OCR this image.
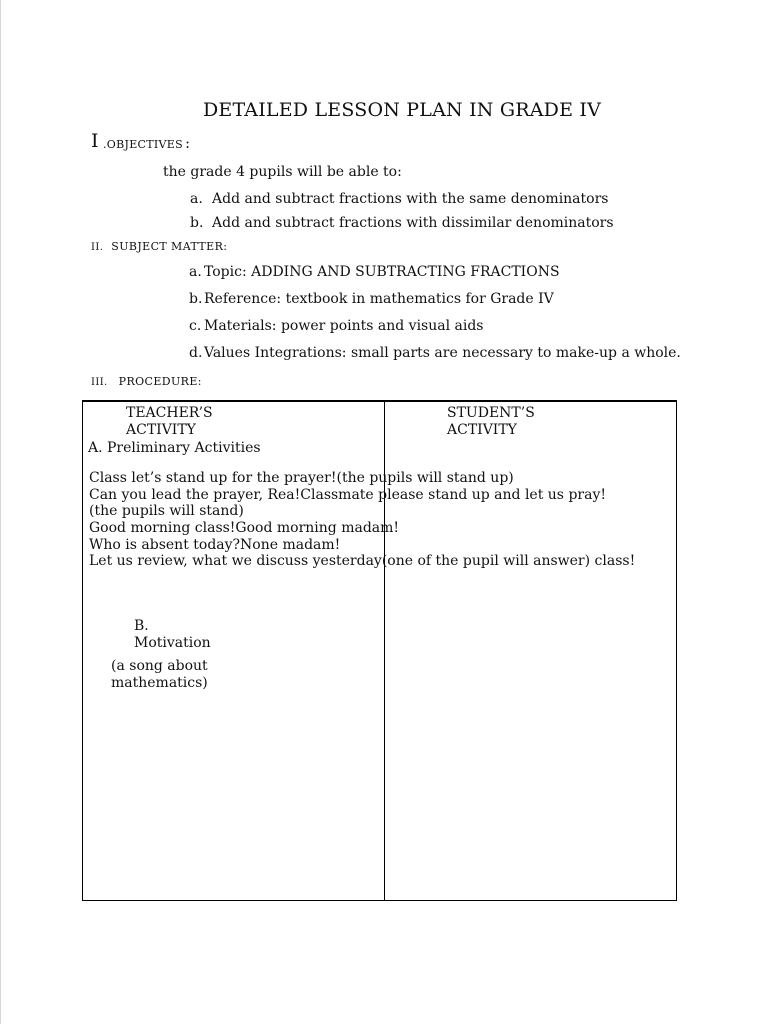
DETAILED LESSON PLAN IN GRADE IV
I .OBJECTIVES :
the grade 4 pupils will be able to:
a. Add and subtract fractions with the same denominators
b. Add and subtract fractions with dissimilar denominators
II. SUBJECT MATTER:
a. Topic: ADDING AND SUBTRACTING FRACTIONS
b. Reference: textbook in mathematics for Grade IV
c. Materials: power points and visual aids
d. Values Integrations: small parts are necessary to make-up a whole.
III. PROCEDURE:
TEACHER’S ACTIVITY
STUDENT’S ACTIVITY
A. Preliminary Activities
Class let’s stand up for the prayer!(the pupils will stand up)
Can you lead the prayer, Rea!Classmate please stand up and let us pray!
(the pupils will stand)
Good morning class!Good morning madam!
Who is absent today?None madam!
Let us review, what we discuss yesterday(one of the pupil will answer) class!
B.
Motivation
(a song about mathematics)
